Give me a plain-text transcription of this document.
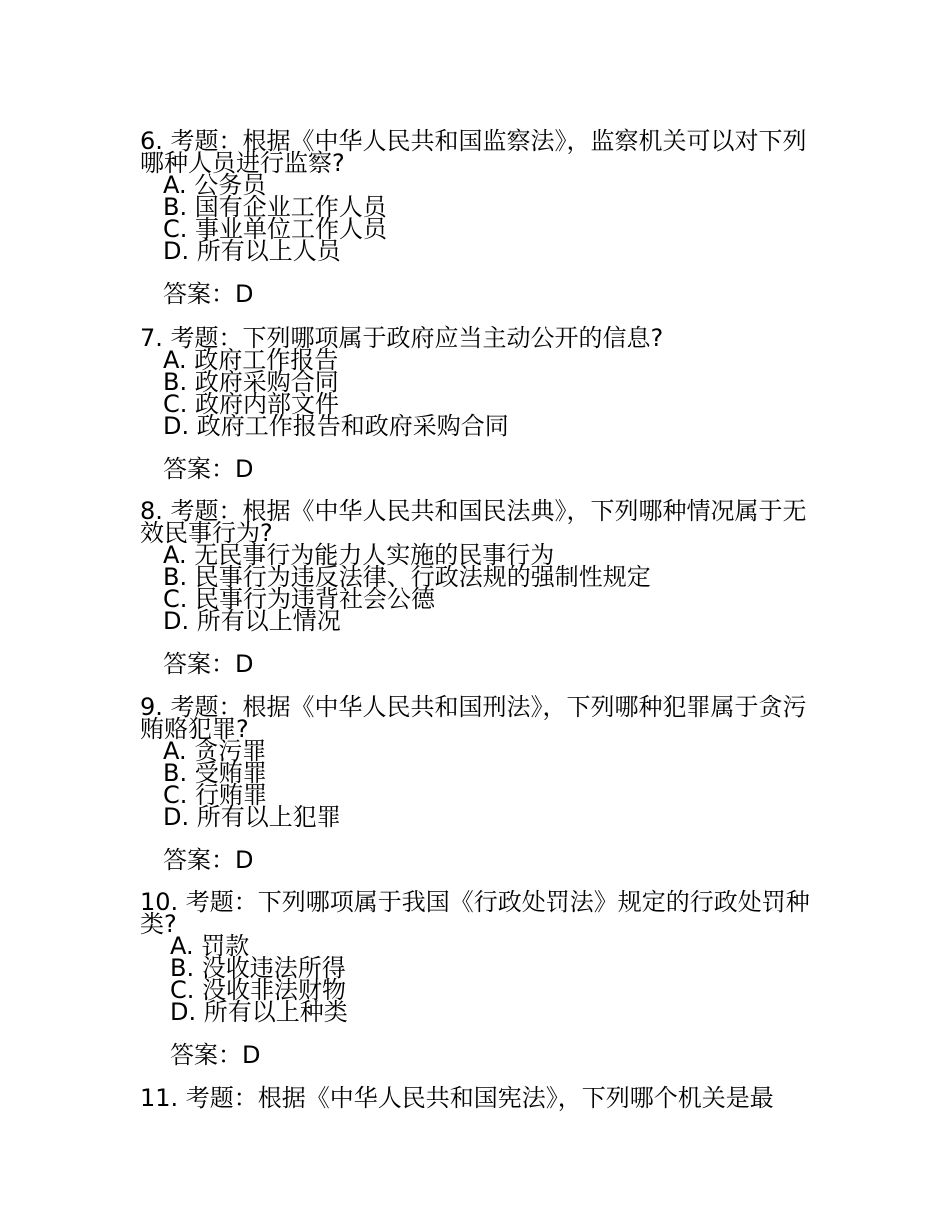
6. 考题：根据《中华人民共和国监察法》，监察机关可以对下列哪种人员进行监察?

A. 公务员
B. 国有企业工作人员
C. 事业单位工作人员
D. 所有以上人员
答案：D

7. 考题：下列哪项属于政府应当主动公开的信息?

A. 政府工作报告
B. 政府采购合同
C. 政府内部文件
D. 政府工作报告和政府采购合同
答案：D

8. 考题：根据《中华人民共和国民法典》，下列哪种情况属于无效民事行为?

A. 无民事行为能力人实施的民事行为
B. 民事行为违反法律、行政法规的强制性规定
C. 民事行为违背社会公德
D. 所有以上情况
答案：D

9. 考题：根据《中华人民共和国刑法》，下列哪种犯罪属于贪污贿赂犯罪?

A. 贪污罪
B. 受贿罪
C. 行贿罪
D. 所有以上犯罪
答案：D

10. 考题：下列哪项属于我国《行政处罚法》规定的行政处罚种类?

A. 罚款
B. 没收违法所得
C. 没收非法财物
D. 所有以上种类
答案：D

11. 考题：根据《中华人民共和国宪法》，下列哪个机关是最
